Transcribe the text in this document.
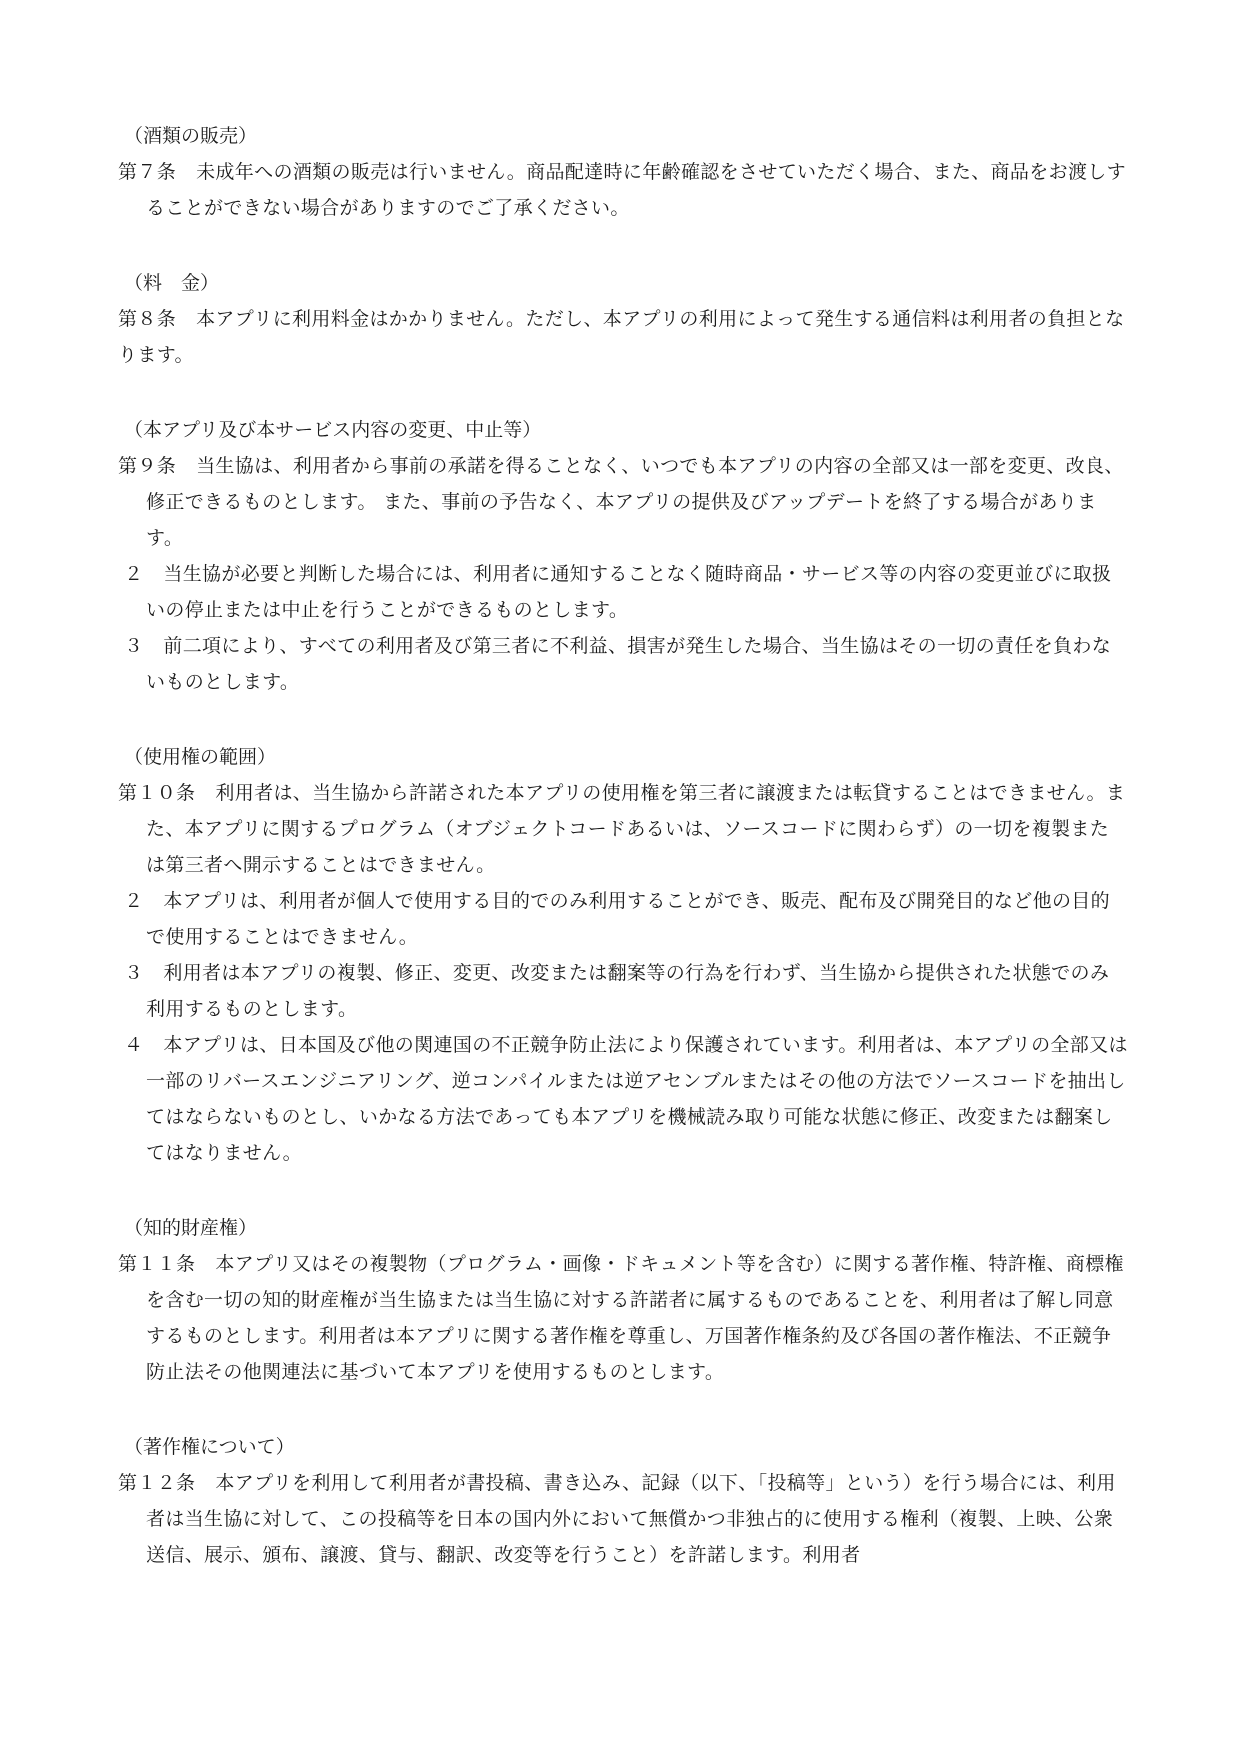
（酒類の販売）
第７条 未成年への酒類の販売は行いません。商品配達時に年齢確認をさせていただく場合、また、商品をお渡しすることができない場合がありますのでご了承ください。
（料　金）
第８条 本アプリに利用料金はかかりません。ただし、本アプリの利用によって発生する通信料は利用者の負担となります。
（本アプリ及び本サービス内容の変更、中止等）
第９条 当生協は、利用者から事前の承諾を得ることなく、いつでも本アプリの内容の全部又は一部を変更、改良、修正できるものとします。 また、事前の予告なく、本アプリの提供及びアップデートを終了する場合があります。
２ 当生協が必要と判断した場合には、利用者に通知することなく随時商品・サービス等の内容の変更並びに取扱いの停止または中止を行うことができるものとします。
３ 前二項により、すべての利用者及び第三者に不利益、損害が発生した場合、当生協はその一切の責任を負わないものとします。
（使用権の範囲）
第１０条 利用者は、当生協から許諾された本アプリの使用権を第三者に譲渡または転貸することはできません。また、本アプリに関するプログラム（オブジェクトコードあるいは、ソースコードに関わらず）の一切を複製または第三者へ開示することはできません。
２ 本アプリは、利用者が個人で使用する目的でのみ利用することができ、販売、配布及び開発目的など他の目的で使用することはできません。
３ 利用者は本アプリの複製、修正、変更、改変または翻案等の行為を行わず、当生協から提供された状態でのみ利用するものとします。
４ 本アプリは、日本国及び他の関連国の不正競争防止法により保護されています。利用者は、本アプリの全部又は一部のリバースエンジニアリング、逆コンパイルまたは逆アセンブルまたはその他の方法でソースコードを抽出してはならないものとし、いかなる方法であっても本アプリを機械読み取り可能な状態に修正、改変または翻案してはなりません。
（知的財産権）
第１１条 本アプリ又はその複製物（プログラム・画像・ドキュメント等を含む）に関する著作権、特許権、商標権を含む一切の知的財産権が当生協または当生協に対する許諾者に属するものであることを、利用者は了解し同意するものとします。利用者は本アプリに関する著作権を尊重し、万国著作権条約及び各国の著作権法、不正競争防止法その他関連法に基づいて本アプリを使用するものとします。
（著作権について）
第１２条 本アプリを利用して利用者が書投稿、書き込み、記録（以下、「投稿等」という）を行う場合には、利用者は当生協に対して、この投稿等を日本の国内外において無償かつ非独占的に使用する権利（複製、上映、公衆送信、展示、頒布、譲渡、貸与、翻訳、改変等を行うこと）を許諾します。利用者
